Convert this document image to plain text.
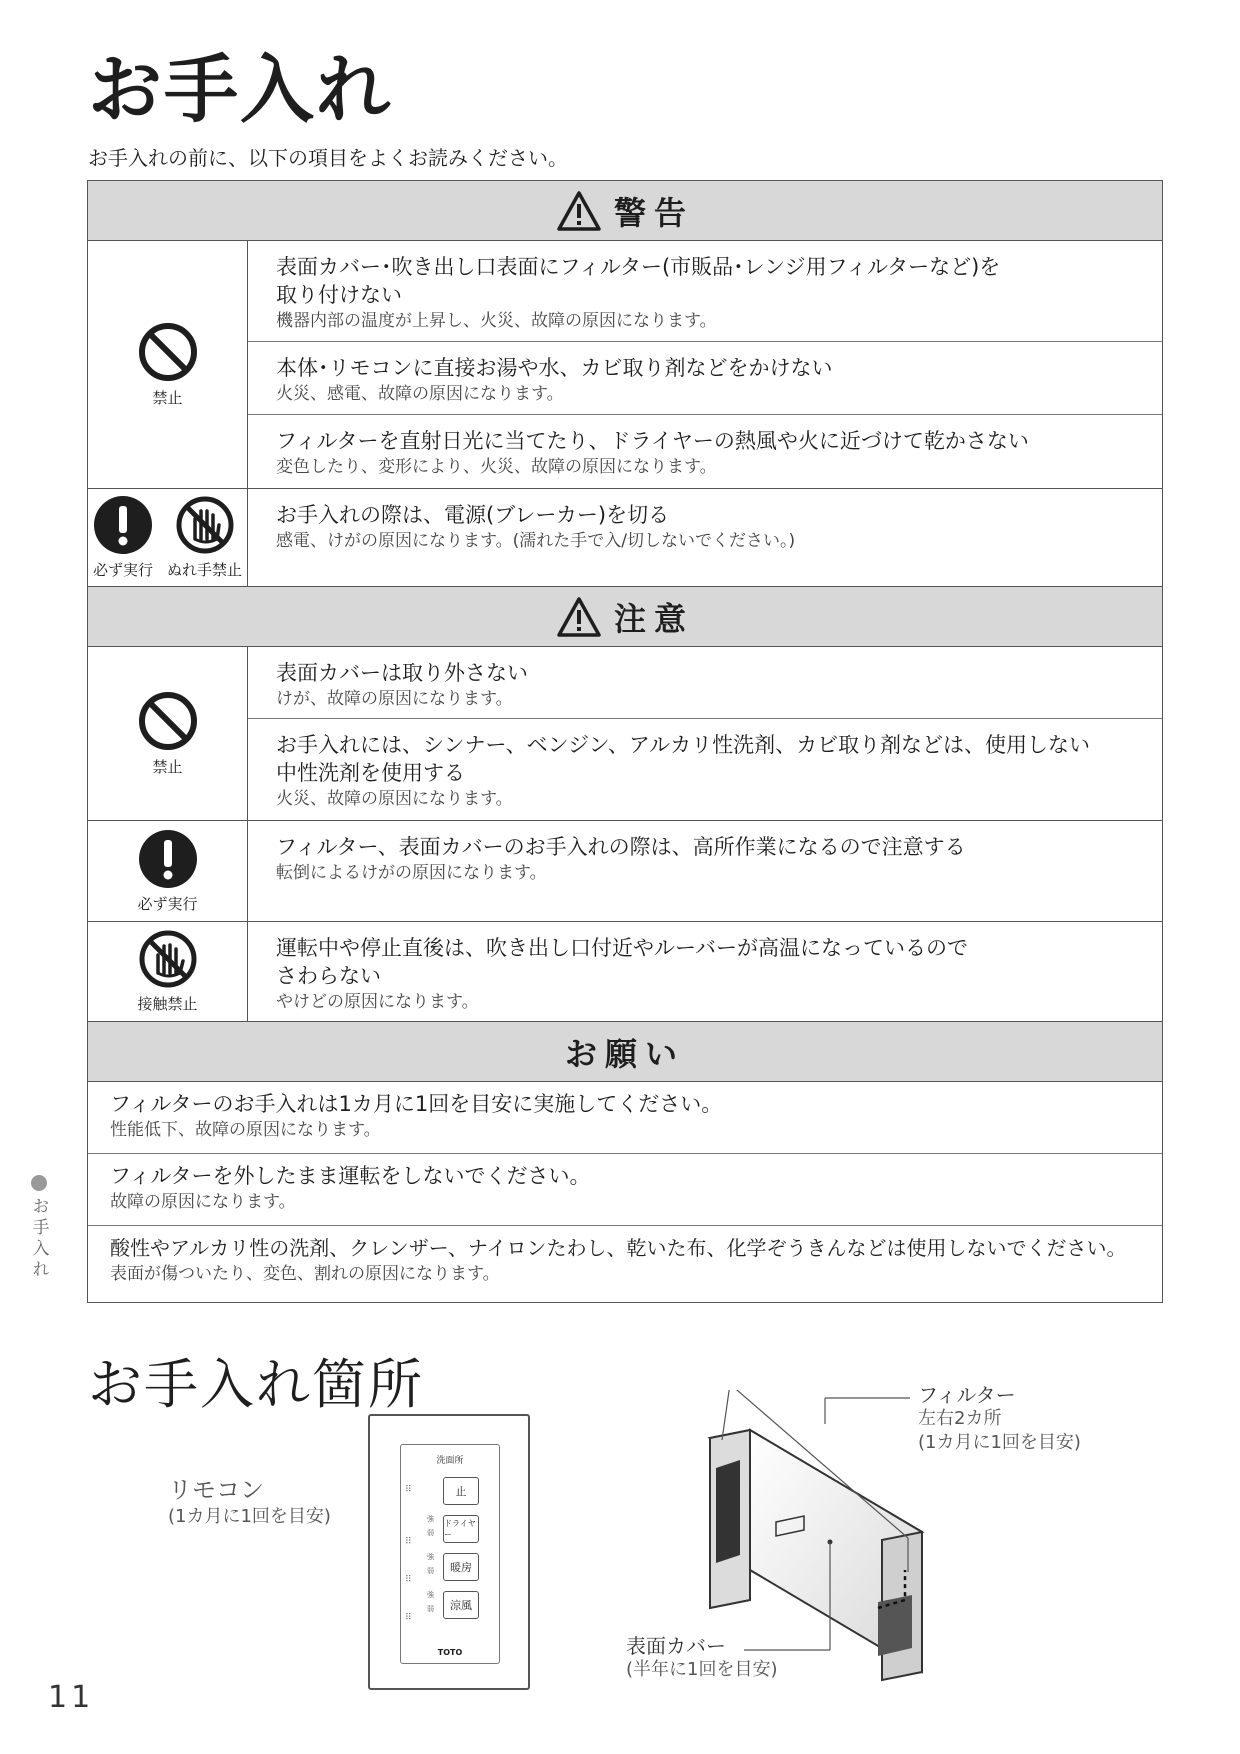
お手入れ
お手入れの前に、以下の項目をよくお読みください。
警告
禁止
表面カバー･吹き出し口表面にフィルター(市販品･レンジ用フィルターなど)を
取り付けない
機器内部の温度が上昇し、火災、故障の原因になります。
本体･リモコンに直接お湯や水、カビ取り剤などをかけない
火災、感電、故障の原因になります。
フィルターを直射日光に当てたり、ドライヤーの熱風や火に近づけて乾かさない
変色したり、変形により、火災、故障の原因になります。
必ず実行 ぬれ手禁止
お手入れの際は、電源(ブレーカー)を切る
感電、けがの原因になります。(濡れた手で入/切しないでください。)
注意
禁止
表面カバーは取り外さない
けが、故障の原因になります。
お手入れには、シンナー、ベンジン、アルカリ性洗剤、カビ取り剤などは、使用しない
中性洗剤を使用する
火災、故障の原因になります。
必ず実行
フィルター、表面カバーのお手入れの際は、高所作業になるので注意する
転倒によるけがの原因になります。
接触禁止
運転中や停止直後は、吹き出し口付近やルーバーが高温になっているので
さわらない
やけどの原因になります。
お願い
フィルターのお手入れは1カ月に1回を目安に実施してください。
性能低下、故障の原因になります。
フィルターを外したまま運転をしないでください。
故障の原因になります。
酸性やアルカリ性の洗剤、クレンザー、ナイロンたわし、乾いた布、化学ぞうきんなどは使用しないでください。
表面が傷ついたり、変色、割れの原因になります。
お手入れ
お手入れ箇所
リモコン
(1カ月に1回を目安)
洗面所
止
⠿
ドライヤー
強
弱
⠿
暖房
強
弱
⠿
涼風
強
弱
⠿
TOTO
フィルター
左右2カ所
(1カ月に1回を目安)
表面カバー
(半年に1回を目安)
11
